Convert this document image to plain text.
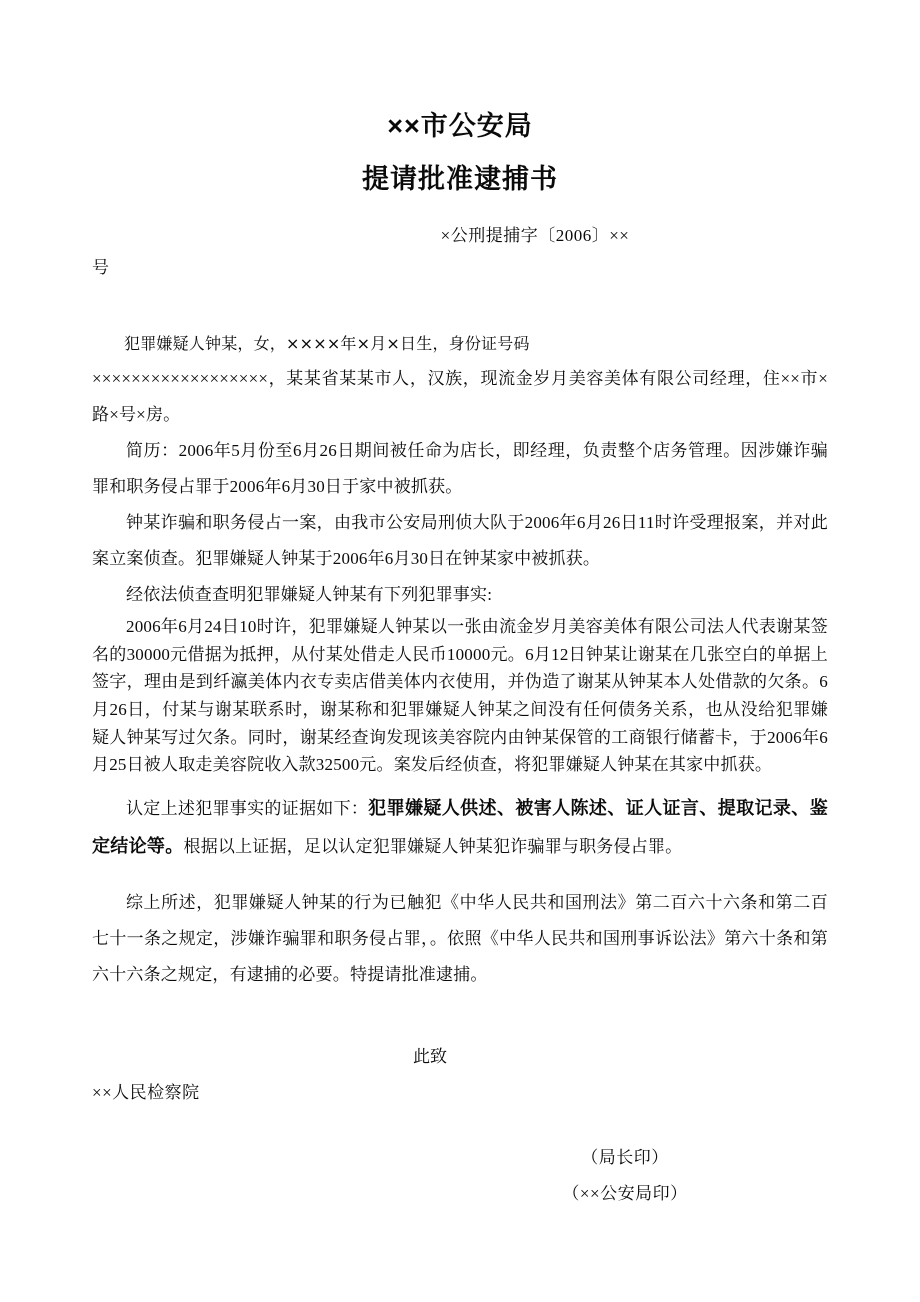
××市公安局
提请批准逮捕书
×公刑提捕字〔2006〕××
号

犯罪嫌疑人钟某，女，××××年×月×日生，身份证号码

××××××××××××××××××，某某省某某市人，汉族，现流金岁月美容美体有限公司经理，住××市×路×号×房。

简历：2006年5月份至6月26日期间被任命为店长，即经理，负责整个店务管理。因涉嫌诈骗罪和职务侵占罪于2006年6月30日于家中被抓获。

钟某诈骗和职务侵占一案，由我市公安局刑侦大队于2006年6月26日11时许受理报案，并对此案立案侦查。犯罪嫌疑人钟某于2006年6月30日在钟某家中被抓获。

经依法侦查查明犯罪嫌疑人钟某有下列犯罪事实:

2006年6月24日10时许，犯罪嫌疑人钟某以一张由流金岁月美容美体有限公司法人代表谢某签名的30000元借据为抵押，从付某处借走人民币10000元。6月12日钟某让谢某在几张空白的单据上签字，理由是到纤瀛美体内衣专卖店借美体内衣使用，并伪造了谢某从钟某本人处借款的欠条。6月26日，付某与谢某联系时，谢某称和犯罪嫌疑人钟某之间没有任何债务关系，也从没给犯罪嫌疑人钟某写过欠条。同时，谢某经查询发现该美容院内由钟某保管的工商银行储蓄卡，于2006年6月25日被人取走美容院收入款32500元。案发后经侦查，将犯罪嫌疑人钟某在其家中抓获。

认定上述犯罪事实的证据如下：犯罪嫌疑人供述、被害人陈述、证人证言、提取记录、鉴定结论等。根据以上证据，足以认定犯罪嫌疑人钟某犯诈骗罪与职务侵占罪。

综上所述，犯罪嫌疑人钟某的行为已触犯《中华人民共和国刑法》第二百六十六条和第二百七十一条之规定，涉嫌诈骗罪和职务侵占罪，。依照《中华人民共和国刑事诉讼法》第六十条和第六十六条之规定，有逮捕的必要。特提请批准逮捕。

此致
××人民检察院
（局长印）
（××公安局印）
